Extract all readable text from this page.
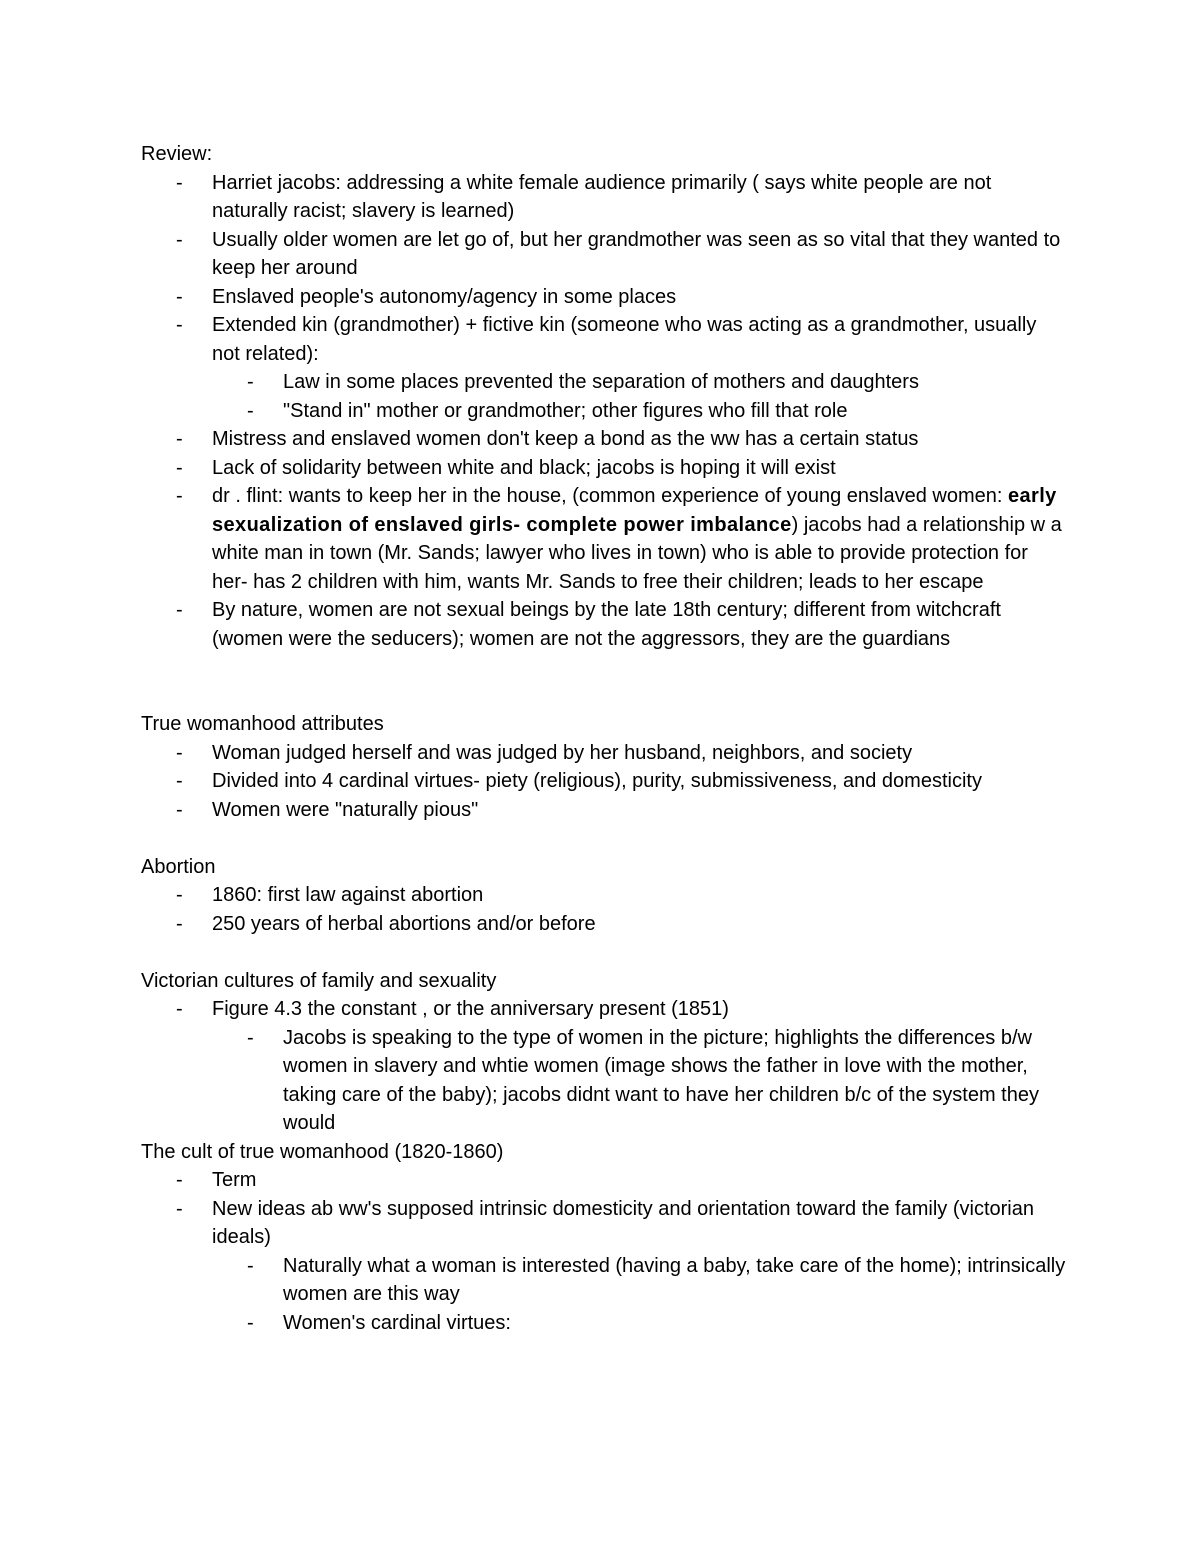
Review:

- Harriet jacobs: addressing a white female audience primarily ( says white people are not naturally racist; slavery is learned)
- Usually older women are let go of, but her grandmother was seen as so vital that they wanted to keep her around
- Enslaved people's autonomy/agency in some places
- Extended kin (grandmother) + fictive kin (someone who was acting as a grandmother, usually not related):
- Law in some places prevented the separation of mothers and daughters
- "Stand in" mother or grandmother; other figures who fill that role
- Mistress and enslaved women don't keep a bond as the ww has a certain status
- Lack of solidarity between white and black; jacobs is hoping it will exist
- dr . flint: wants to keep her in the house, (common experience of young enslaved women: early sexualization of enslaved girls- complete power imbalance) jacobs had a relationship w a white man in town (Mr. Sands; lawyer who lives in town) who is able to provide protection for her- has 2 children with him, wants Mr. Sands to free their children; leads to her escape
- By nature, women are not sexual beings by the late 18th century; different from witchcraft (women were the seducers); women are not the aggressors, they are the guardians

True womanhood attributes

- Woman judged herself and was judged by her husband, neighbors, and society
- Divided into 4 cardinal virtues- piety (religious), purity, submissiveness, and domesticity
- Women were "naturally pious"

Abortion

- 1860: first law against abortion
- 250 years of herbal abortions and/or before

Victorian cultures of family and sexuality

- Figure 4.3 the constant , or the anniversary present (1851)
- Jacobs is speaking to the type of women in the picture; highlights the differences b/w women in slavery and whtie women (image shows the father in love with the mother, taking care of the baby); jacobs didnt want to have her children b/c of the system they would

The cult of true womanhood (1820-1860)

- Term
- New ideas ab ww's supposed intrinsic domesticity and orientation toward the family (victorian ideals)
- Naturally what a woman is interested (having a baby, take care of the home); intrinsically women are this way
- Women's cardinal virtues:
